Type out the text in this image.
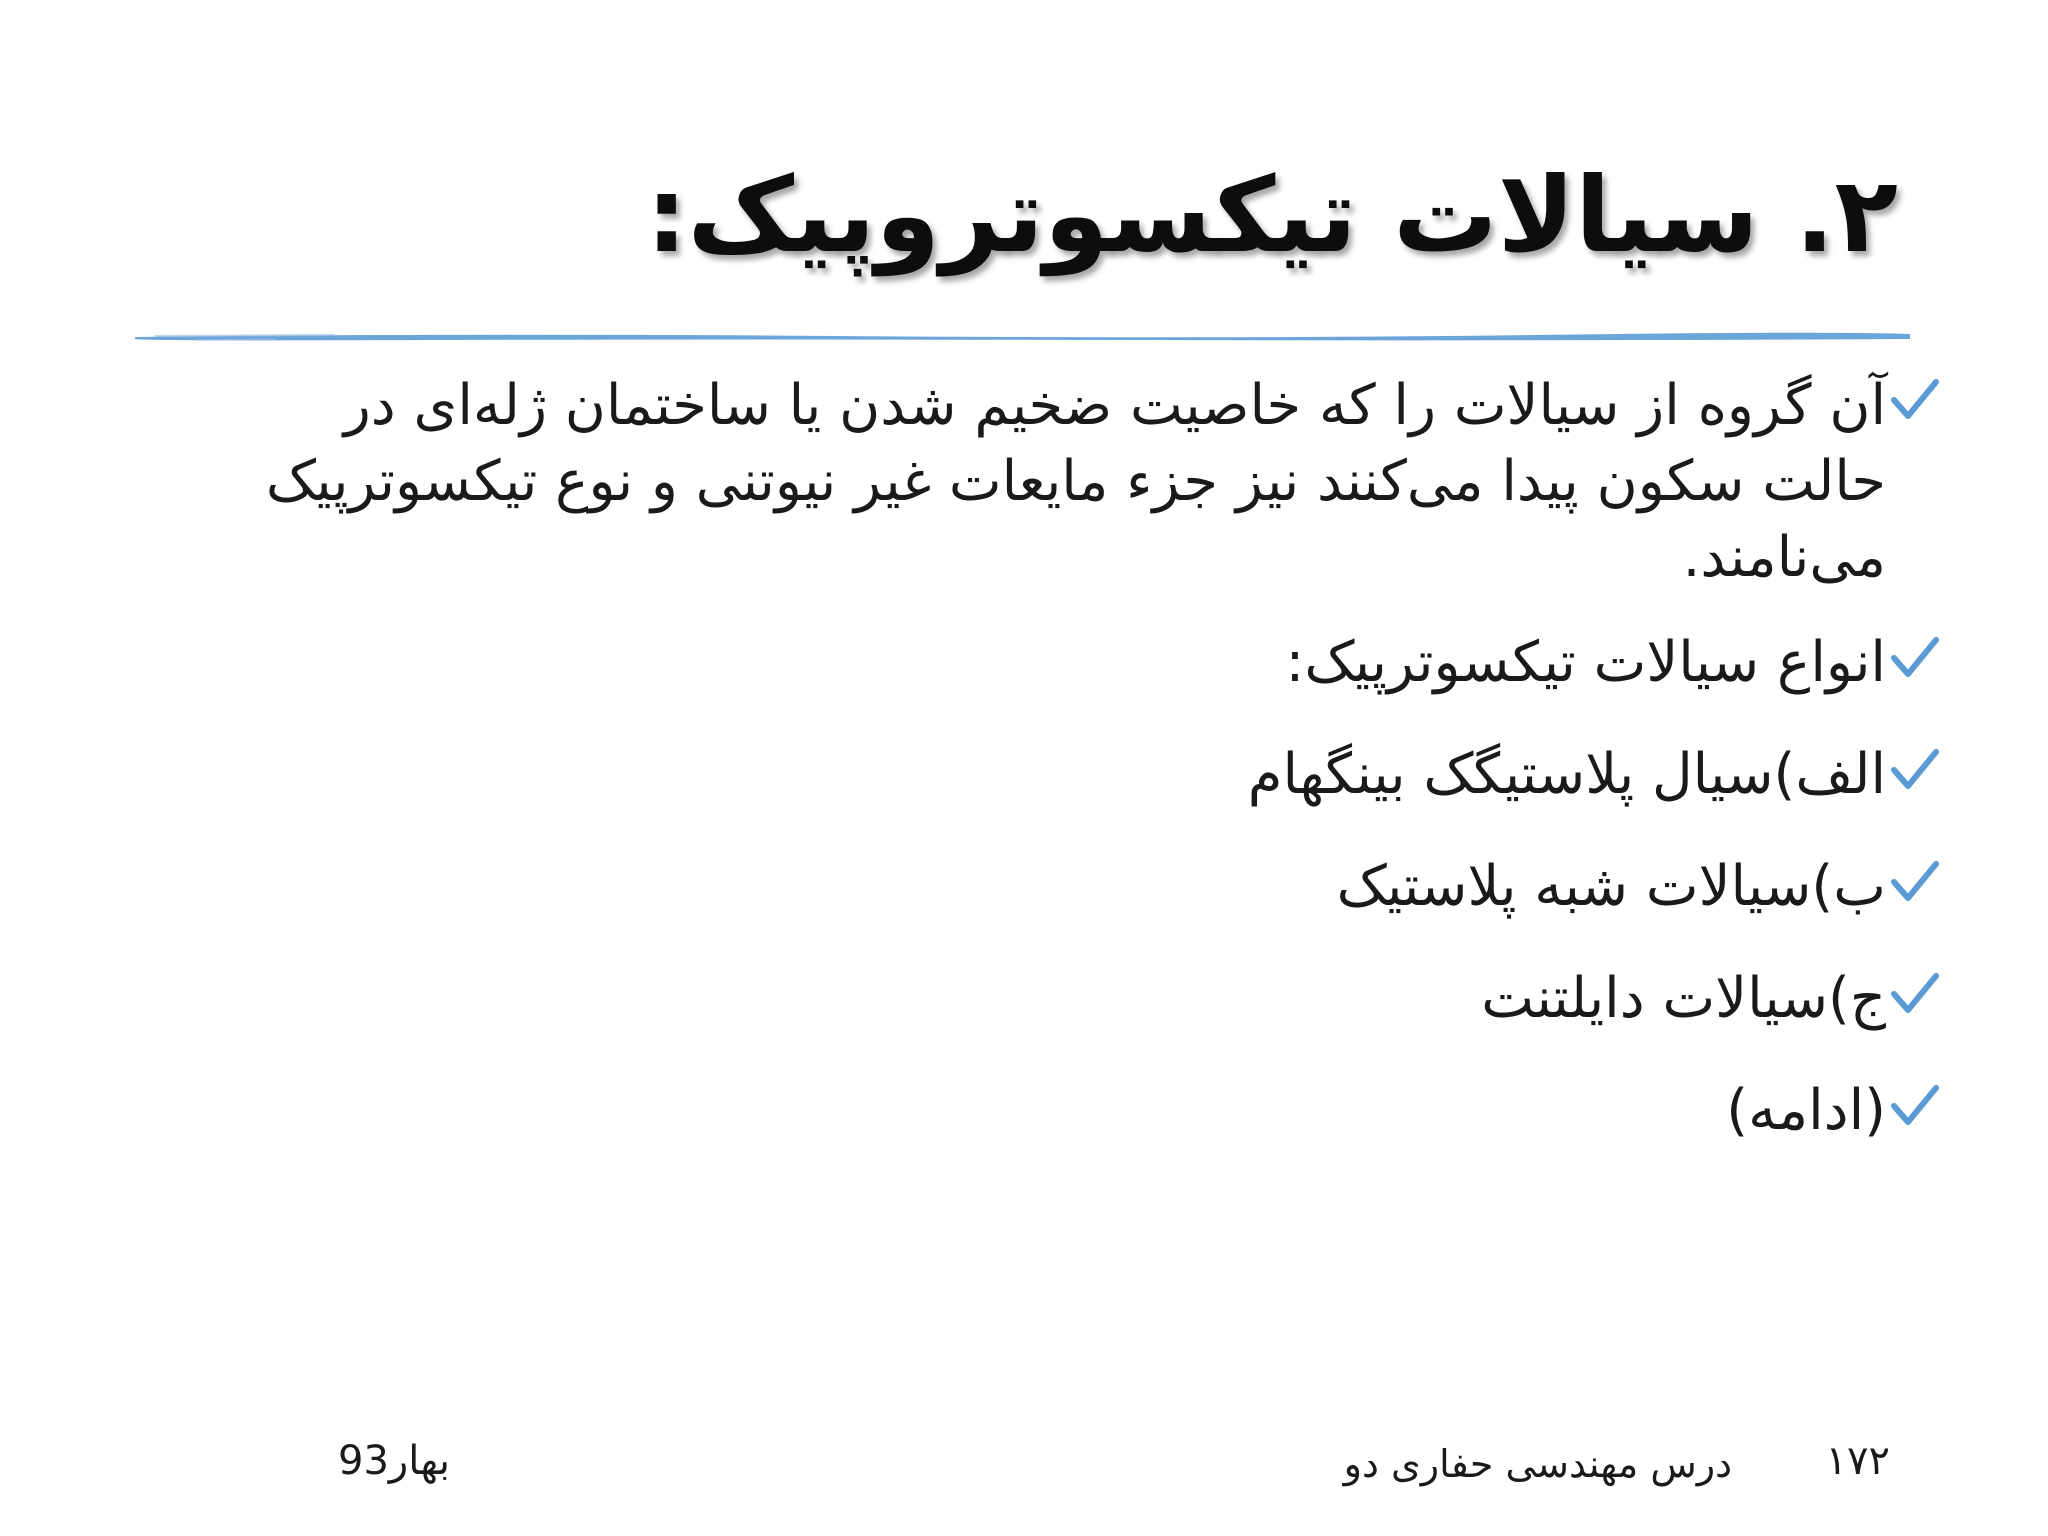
۲. سیالات تیکسوتروپیک:
آن گروه از سیالات را که خاصیت ضخیم شدن یا ساختمان ژله‌ای در حالت سکون پیدا می‌کنند نیز جزء مایعات غیر نیوتنی و نوع تیکسوترپیک می‌نامند.
انواع سیالات تیکسوترپیک:
الف)سیال پلاستیگک بینگهام
ب)سیالات شبه پلاستیک
ج)سیالات دایلتنت
(ادامه)
۱۷۲
درس مهندسی حفاری دو
بهار93
